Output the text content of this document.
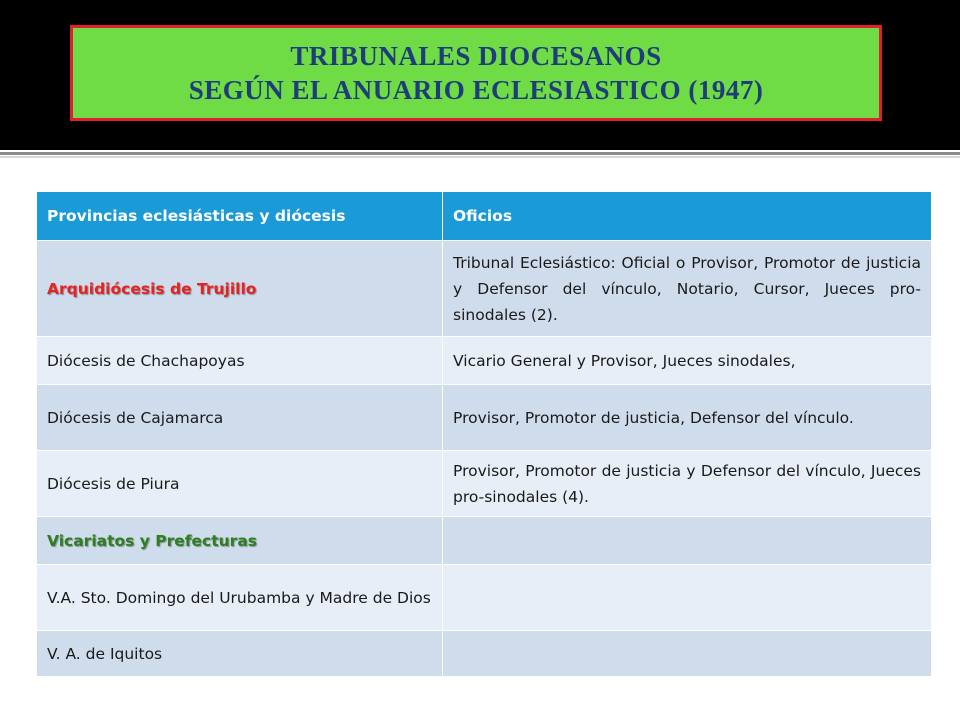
TRIBUNALES DIOCESANOS
SEGÚN EL ANUARIO ECLESIASTICO (1947)
Provincias eclesiásticas y diócesis	Oficios
Arquidiócesis de Trujillo	Tribunal Eclesiástico: Oficial o Provisor, Promotor de justicia y Defensor del vínculo, Notario, Cursor, Jueces pro-sinodales (2).
Diócesis de Chachapoyas	Vicario General y Provisor, Jueces sinodales,
Diócesis de Cajamarca	Provisor, Promotor de justicia, Defensor del vínculo.
Diócesis de Piura	Provisor, Promotor de justicia y Defensor del vínculo, Jueces pro-sinodales (4).
Vicariatos y Prefecturas	
V.A. Sto. Domingo del Urubamba y Madre de Dios	
V. A. de Iquitos	
